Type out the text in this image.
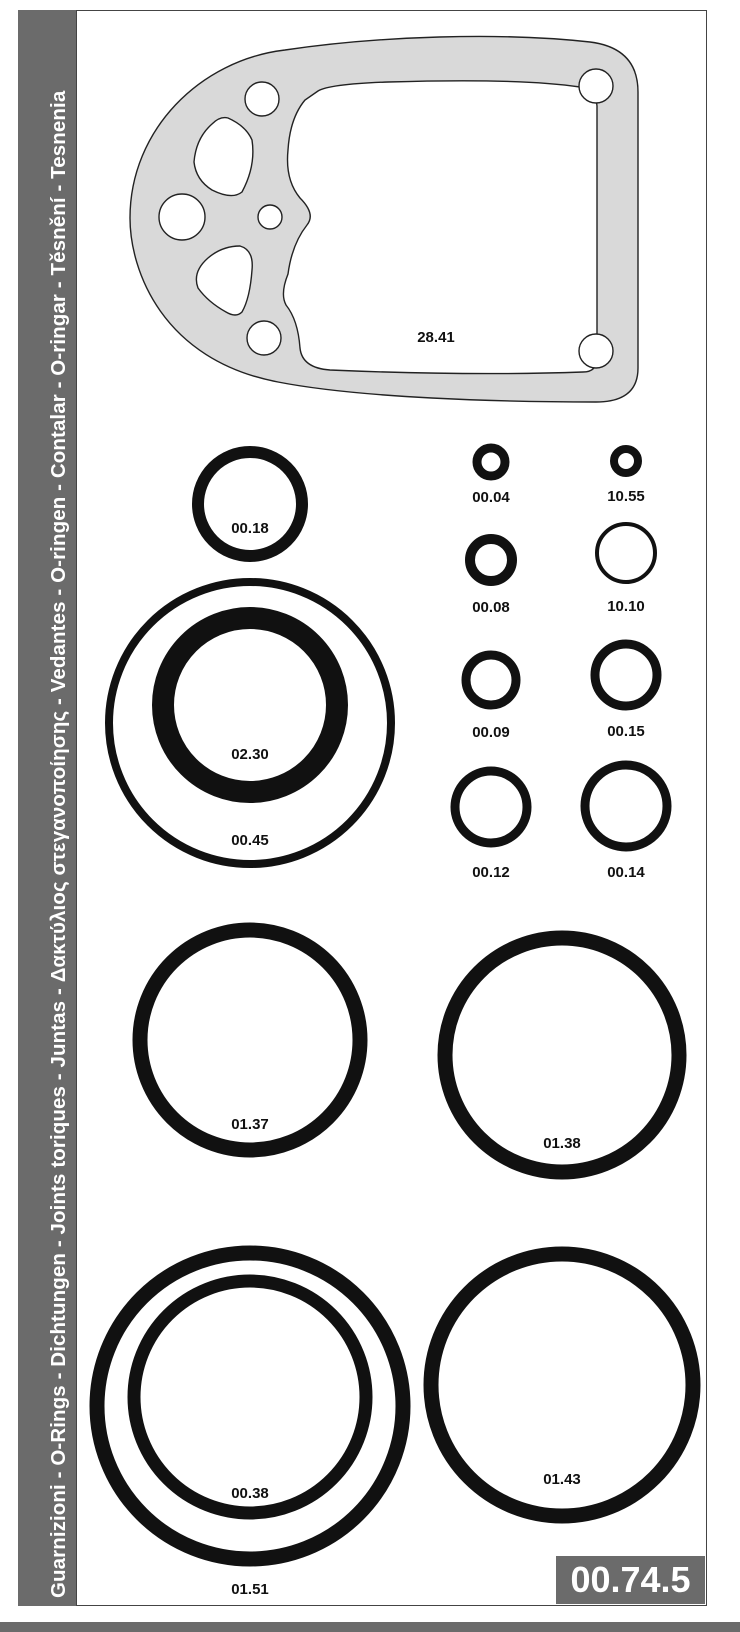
Guarnizioni - O-Rings - Dichtungen - Joints toriques - Juntas - Δακτύλιος στεγανοποίησης - Vedantes - O-ringen - Contalar - O-ringar - Těsnění - Tesnenia	28.41
00.18
00.45
02.30
00.04	10.55
00.08	10.10
00.09	00.15
00.12	00.14
01.37
01.38
01.51
00.38
01.43
00.74.5
